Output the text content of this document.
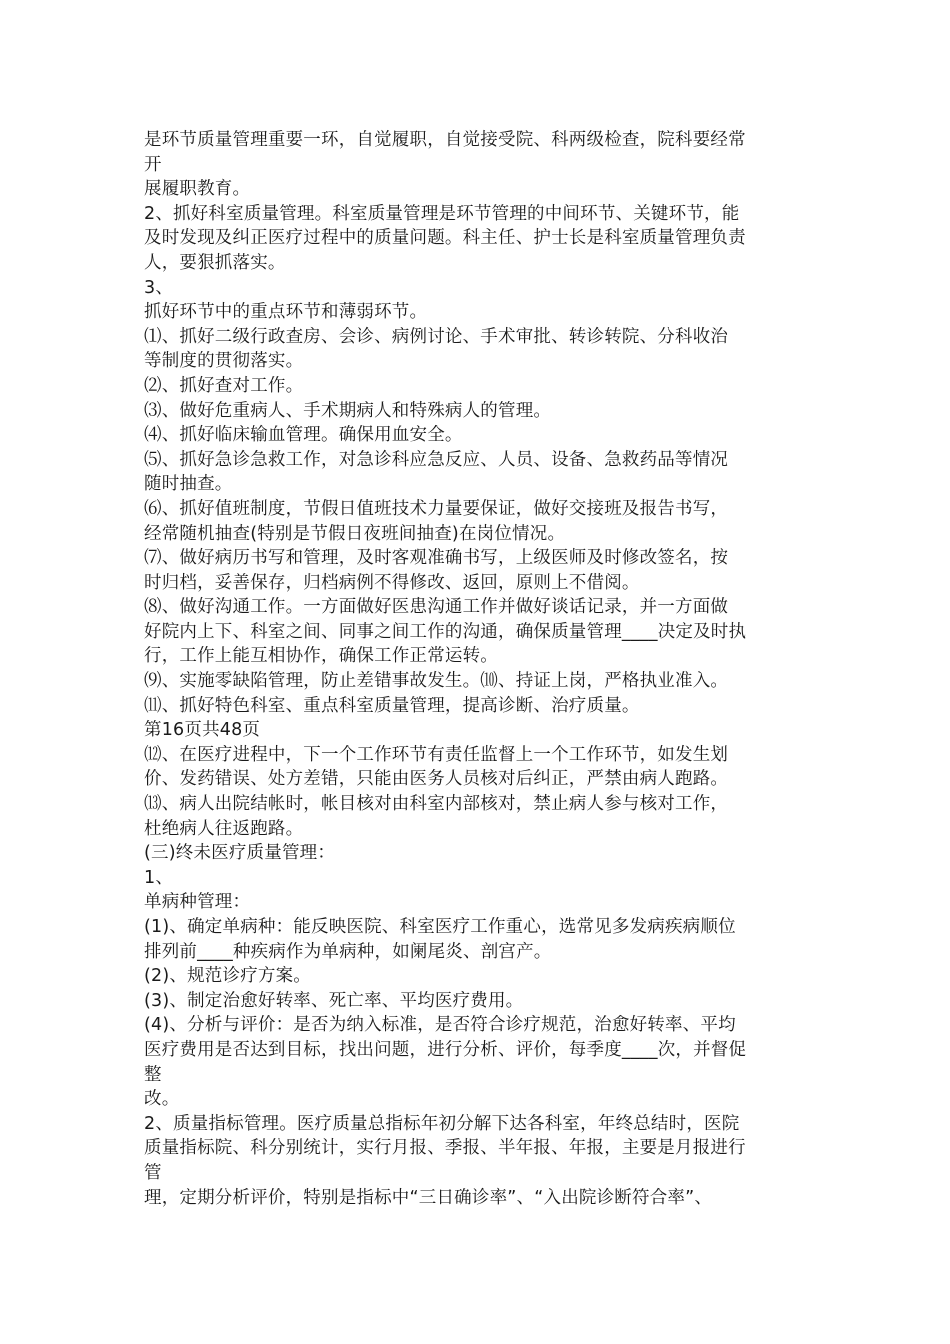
是环节质量管理重要一环，自觉履职，自觉接受院、科两级检查，院科要经常
开
展履职教育。
2、抓好科室质量管理。科室质量管理是环节管理的中间环节、关键环节，能
及时发现及纠正医疗过程中的质量问题。科主任、护士长是科室质量管理负责
人，要狠抓落实。
3、
抓好环节中的重点环节和薄弱环节。
⑴、抓好二级行政查房、会诊、病例讨论、手术审批、转诊转院、分科收治
等制度的贯彻落实。
⑵、抓好查对工作。
⑶、做好危重病人、手术期病人和特殊病人的管理。
⑷、抓好临床输血管理。确保用血安全。
⑸、抓好急诊急救工作，对急诊科应急反应、人员、设备、急救药品等情况
随时抽查。
⑹、抓好值班制度，节假日值班技术力量要保证，做好交接班及报告书写，
经常随机抽查(特别是节假日夜班间抽查)在岗位情况。
⑺、做好病历书写和管理，及时客观准确书写，上级医师及时修改签名，按
时归档，妥善保存，归档病例不得修改、返回，原则上不借阅。
⑻、做好沟通工作。一方面做好医患沟通工作并做好谈话记录，并一方面做
好院内上下、科室之间、同事之间工作的沟通，确保质量管理____决定及时执
行，工作上能互相协作，确保工作正常运转。
⑼、实施零缺陷管理，防止差错事故发生。⑽、持证上岗，严格执业准入。
⑾、抓好特色科室、重点科室质量管理，提高诊断、治疗质量。
第16页共48页
⑿、在医疗进程中，下一个工作环节有责任监督上一个工作环节，如发生划
价、发药错误、处方差错，只能由医务人员核对后纠正，严禁由病人跑路。
⒀、病人出院结帐时，帐目核对由科室内部核对，禁止病人参与核对工作，
杜绝病人往返跑路。
(三)终未医疗质量管理：
1、
单病种管理：
(1)、确定单病种：能反映医院、科室医疗工作重心，选常见多发病疾病顺位
排列前____种疾病作为单病种，如阑尾炎、剖宫产。
(2)、规范诊疗方案。
(3)、制定治愈好转率、死亡率、平均医疗费用。
(4)、分析与评价：是否为纳入标准，是否符合诊疗规范，治愈好转率、平均
医疗费用是否达到目标，找出问题，进行分析、评价，每季度____次，并督促
整
改。
2、质量指标管理。医疗质量总指标年初分解下达各科室，年终总结时，医院
质量指标院、科分别统计，实行月报、季报、半年报、年报，主要是月报进行
管
理，定期分析评价，特别是指标中“三日确诊率”、“入出院诊断符合率”、
